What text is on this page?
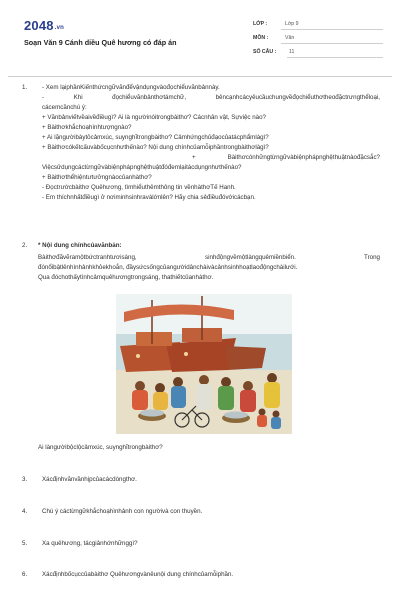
2048.vn
Soạn Văn 9 Cánh diều Quê hương có đáp án
LỚP :	Lớp 9
MÔN :	Văn
SỐ CÂU : 11
1. - Xem lạiphầnKiếnthứcngữvănđểvậndụngvàođọchiểuvănbảnnày.
- Khi đọchiểuvănbảnthơtámchữ, bêncạnhcácyêucầuchungvềđọchiểuthơtheođặctrưngthểloại,
cácemcầnchú ý:
+ Vănbảnviếtvềaivềđiềugì? Ai là ngườinóitrongbàithơ? Cácnhân vật, Sựviệc nào?
+ Bàithơkhắchoạhìnhtượngnào?
+ Ai lặngườibàytỏcảmxúc, suynghĩtrongbàithơ? Cảmhứngchủđạocủatácphẩmlàgì?
+ Bàithơcókếtcấuvàbốcụcnhưthếnào? Nội dung chínhcủamỗiphầntrongbàithơlàgì?
+ Bàithơcónhữngtừngữvàbiệnphápnghệthuậtnàođặcsắc?
Việcsửdụngcáctừngữvàbiệnphápnghệthuậtđóđemlạitácdụngnhưthếnào?
+ Bàithơthểhiệntưtưởngnàocủanhàthơ?
- Đọctrướcbàithơ Quêhương, tìmhiểuthêmthông tin vềnhàthơTế Hanh.
- Em thíchnhấtđiềugì ở nơiminhsinhravàlớnlên? Hãy chia sẻđiềuđóvớicácbạn.
2. * Nội dung chínhcủavănbản:
Bàithơđãvẽramộtbứctranhtươisáng, sinhđộngvềmộtlàngquêmiềnbiển. Trong
đónổibậtlênhìnhảnhkhỏekhoắn, đầysứcsốngcủangườidânchàivàcảnhsinhhoạtlaođộngchàilưới.
Qua đóchothấytìnhcảmquêhươngtrongsáng, thathiếtcủanhàthơ.
Ai làngườibộclộcảmxúc, suynghĩtrongbàithơ?
3. Xácđịnhvănvầnhịpcủacácdòngthơ.
4. Chú ý cáctừngữkhắchoạhìnhảnh con ngườivà con thuyền.
5. Xa quêhương, tácgiảnhớnhữnggì?
6. Xácđịnhbốcụccủabàithơ Quêhươngvànêunội dung chínhcủamỗiphần.
